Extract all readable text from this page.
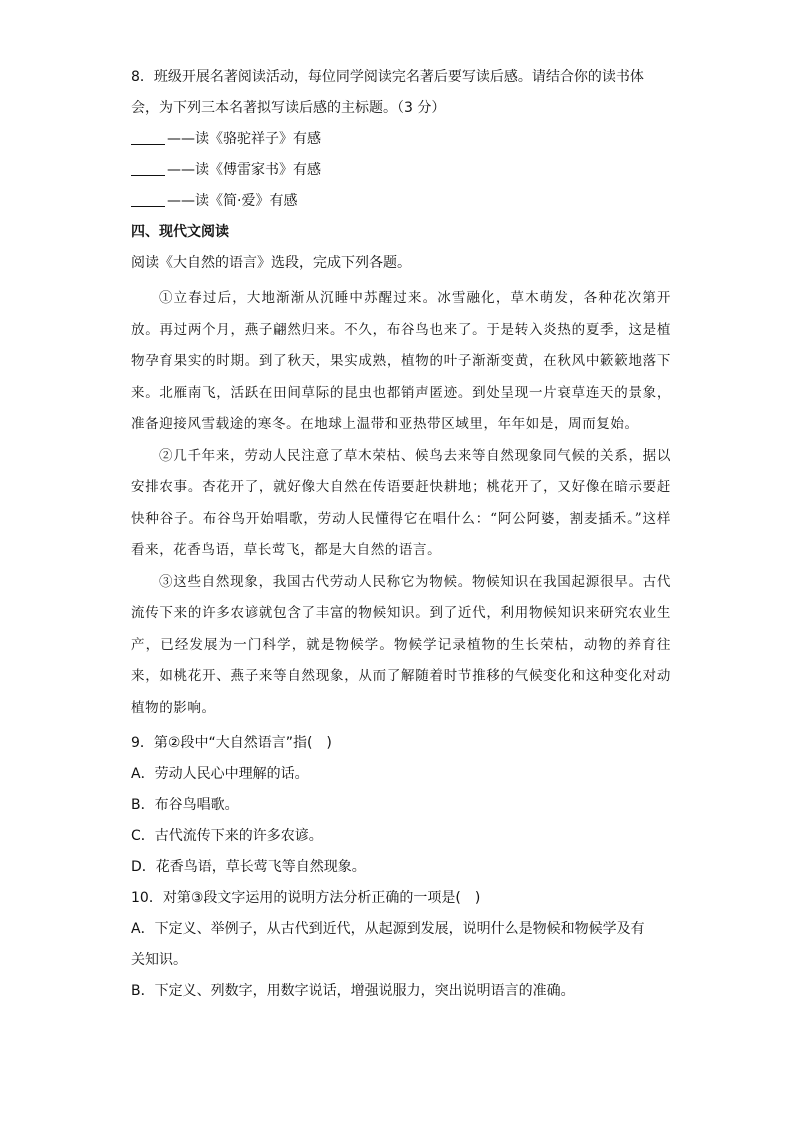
8．班级开展名著阅读活动，每位同学阅读完名著后要写读后感。请结合你的读书体
会，为下列三本名著拟写读后感的主标题。（3 分）
——读《骆驼祥子》有感
——读《傅雷家书》有感
——读《简·爱》有感
四、现代文阅读
阅读《大自然的语言》选段，完成下列各题。

①立春过后，大地渐渐从沉睡中苏醒过来。冰雪融化，草木萌发，各种花次第开放。再过两个月，燕子翩然归来。不久，布谷鸟也来了。于是转入炎热的夏季，这是植物孕育果实的时期。到了秋天，果实成熟，植物的叶子渐渐变黄，在秋风中簌簌地落下来。北雁南飞，活跃在田间草际的昆虫也都销声匿迹。到处呈现一片衰草连天的景象，准备迎接风雪载途的寒冬。在地球上温带和亚热带区域里，年年如是，周而复始。

②几千年来，劳动人民注意了草木荣枯、候鸟去来等自然现象同气候的关系，据以安排农事。杏花开了，就好像大自然在传语要赶快耕地；桃花开了，又好像在暗示要赶快种谷子。布谷鸟开始唱歌，劳动人民懂得它在唱什么：“阿公阿婆，割麦插禾。”这样看来，花香鸟语，草长莺飞，都是大自然的语言。

③这些自然现象，我国古代劳动人民称它为物候。物候知识在我国起源很早。古代流传下来的许多农谚就包含了丰富的物候知识。到了近代，利用物候知识来研究农业生产，已经发展为一门科学，就是物候学。物候学记录植物的生长荣枯，动物的养育往来，如桃花开、燕子来等自然现象，从而了解随着时节推移的气候变化和这种变化对动植物的影响。

9．第②段中“大自然语言”指(　)
A．劳动人民心中理解的话。
B．布谷鸟唱歌。
C．古代流传下来的许多农谚。
D．花香鸟语，草长莺飞等自然现象。
10．对第③段文字运用的说明方法分析正确的一项是(　)
A．下定义、举例子，从古代到近代，从起源到发展，说明什么是物候和物候学及有
关知识。
B．下定义、列数字，用数字说话，增强说服力，突出说明语言的准确。
